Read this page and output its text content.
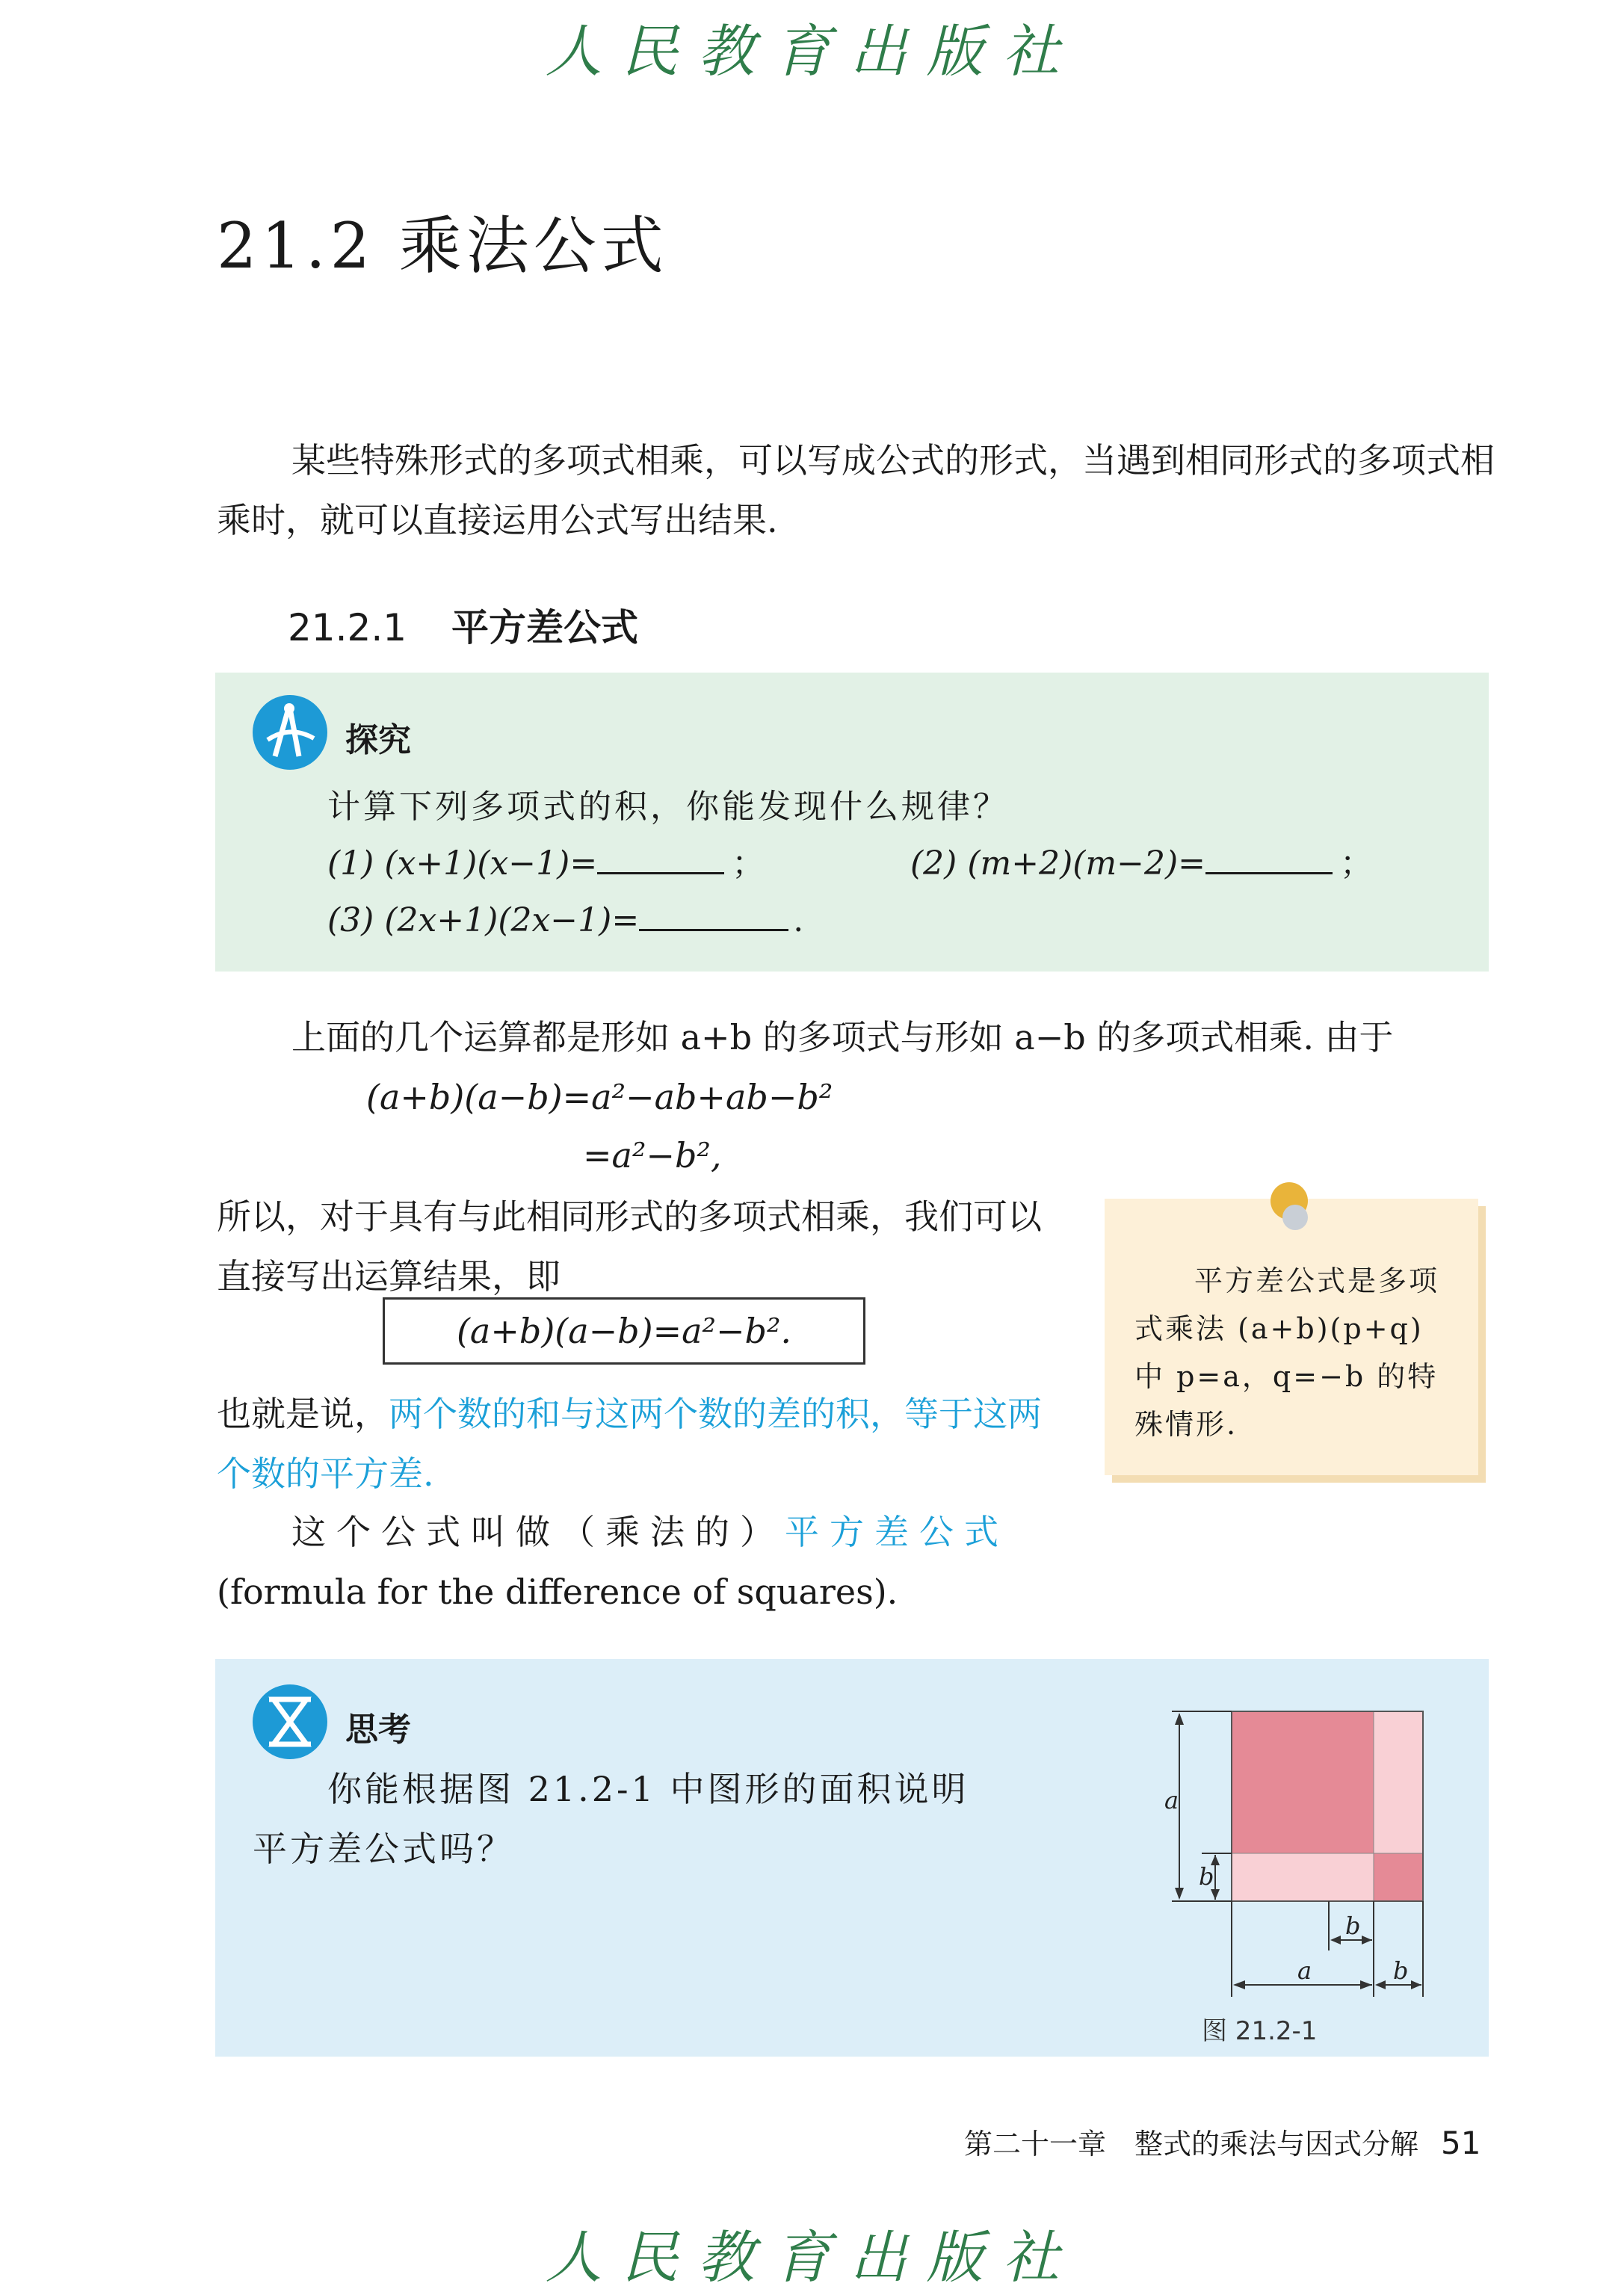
人民教育出版社
21.2 乘法公式
某些特殊形式的多项式相乘，可以写成公式的形式，当遇到相同形式的多项式相乘时，就可以直接运用公式写出结果.
21.2.1 平方差公式
探究
计算下列多项式的积，你能发现什么规律？
(1) (x+1)(x−1)=	；	(2) (m+2)(m−2)=	；
(3) (2x+1)(2x−1)=	.
上面的几个运算都是形如 a+b 的多项式与形如 a−b 的多项式相乘. 由于
(a+b)(a−b)=a²−ab+ab−b²
=a²−b²,
所以，对于具有与此相同形式的多项式相乘，我们可以直接写出运算结果，即
(a+b)(a−b)=a²−b².
也就是说，两个数的和与这两个数的差的积，等于这两个数的平方差.
这个公式叫做（乘法的）平方差公式
(formula for the difference of squares).
平方差公式是多项式乘法 (a+b)(p+q) 中 p=a，q=−b 的特殊情形.
思考
你能根据图 21.2-1 中图形的面积说明平方差公式吗？
a
b
a
b
b
图 21.2-1
第二十一章　整式的乘法与因式分解 51
人民教育出版社
